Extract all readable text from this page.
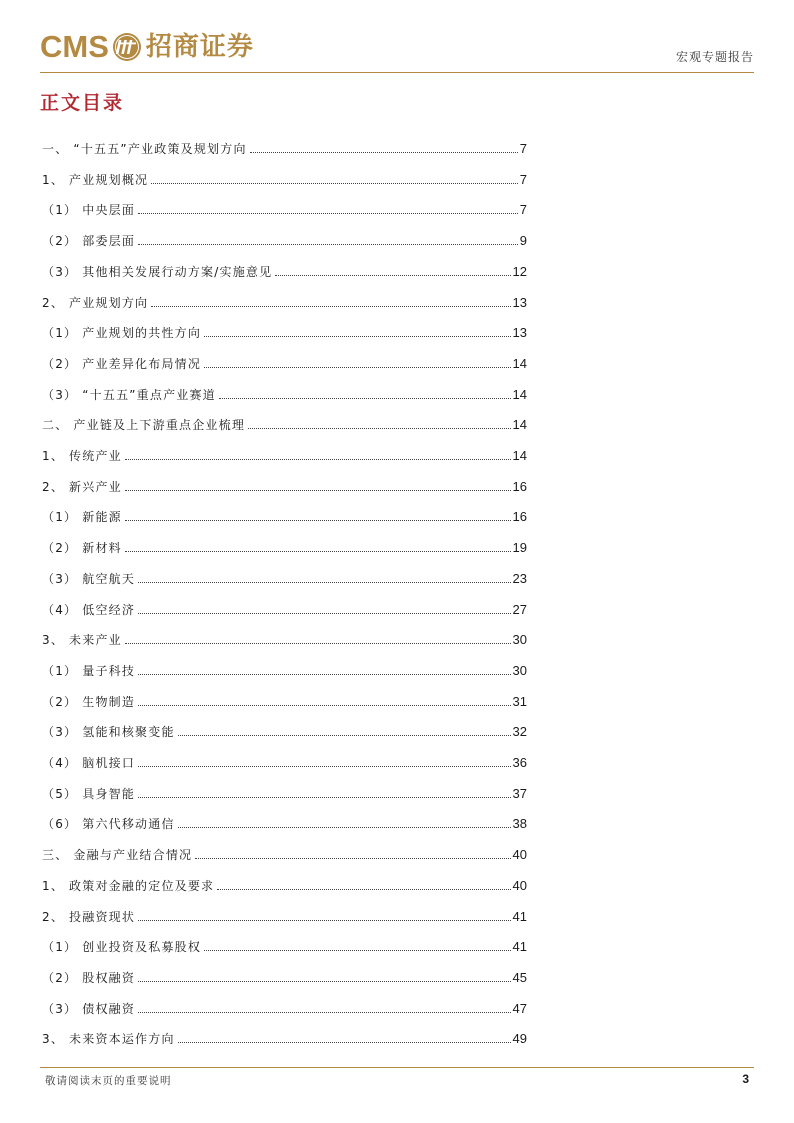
CMS 招商证券	宏观专题报告
正文目录
一、 “十五五”产业政策及规划方向	7
1、 产业规划概况	7
（1） 中央层面	7
（2） 部委层面	9
（3） 其他相关发展行动方案/实施意见	12
2、 产业规划方向	13
（1） 产业规划的共性方向	13
（2） 产业差异化布局情况	14
（3） “十五五”重点产业赛道	14
二、 产业链及上下游重点企业梳理	14
1、 传统产业	14
2、 新兴产业	16
（1） 新能源	16
（2） 新材料	19
（3） 航空航天	23
（4） 低空经济	27
3、 未来产业	30
（1） 量子科技	30
（2） 生物制造	31
（3） 氢能和核聚变能	32
（4） 脑机接口	36
（5） 具身智能	37
（6） 第六代移动通信	38
三、 金融与产业结合情况	40
1、 政策对金融的定位及要求	40
2、 投融资现状	41
（1） 创业投资及私募股权	41
（2） 股权融资	45
（3） 债权融资	47
3、 未来资本运作方向	49
敬请阅读末页的重要说明	3
